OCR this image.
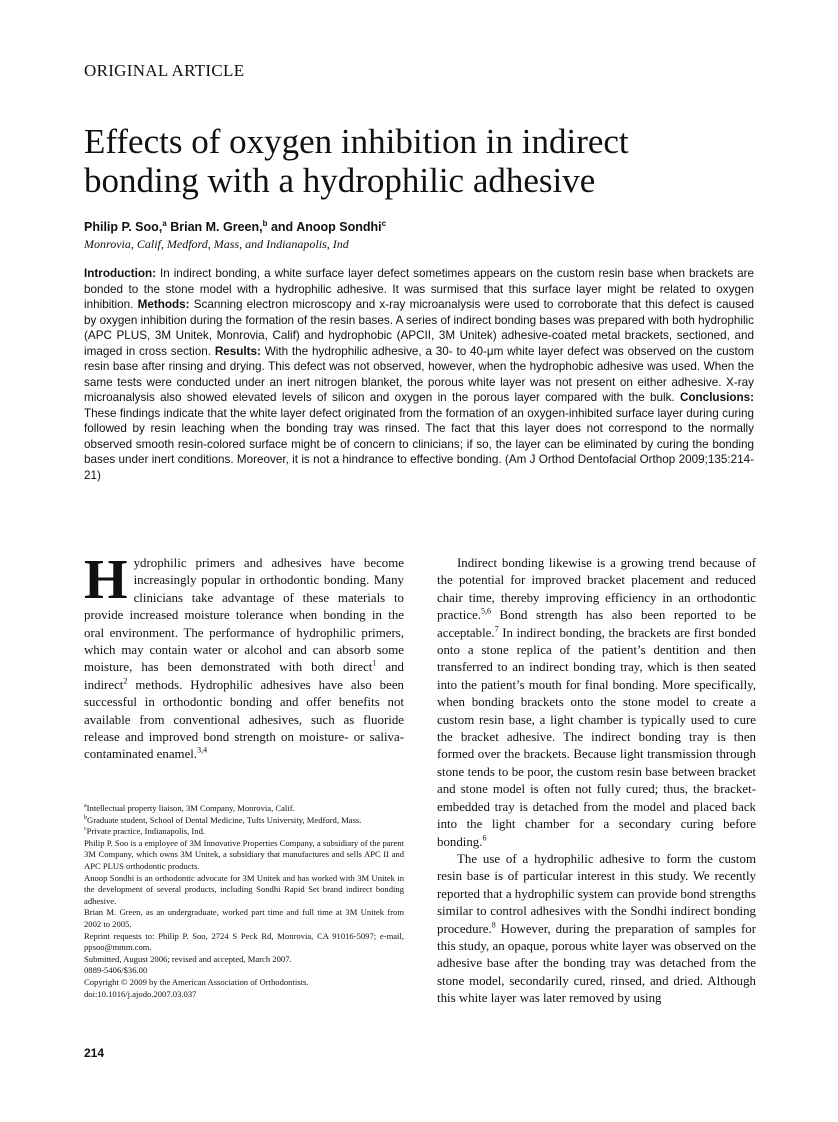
ORIGINAL ARTICLE
Effects of oxygen inhibition in indirect bonding with a hydrophilic adhesive
Philip P. Soo,$^a$ Brian M. Green,$^b$ and Anoop Sondhi$^c$
Monrovia, Calif, Medford, Mass, and Indianapolis, Ind

Introduction: In indirect bonding, a white surface layer defect sometimes appears on the custom resin base when brackets are bonded to the stone model with a hydrophilic adhesive. It was surmised that this surface layer might be related to oxygen inhibition. Methods: Scanning electron microscopy and x-ray microanalysis were used to corroborate that this defect is caused by oxygen inhibition during the formation of the resin bases. A series of indirect bonding bases was prepared with both hydrophilic (APC PLUS, 3M Unitek, Monrovia, Calif) and hydrophobic (APCII, 3M Unitek) adhesive-coated metal brackets, sectioned, and imaged in cross section. Results: With the hydrophilic adhesive, a 30- to 40-μm white layer defect was observed on the custom resin base after rinsing and drying. This defect was not observed, however, when the hydrophobic adhesive was used. When the same tests were conducted under an inert nitrogen blanket, the porous white layer was not present on either adhesive. X-ray microanalysis also showed elevated levels of silicon and oxygen in the porous layer compared with the bulk. Conclusions: These findings indicate that the white layer defect originated from the formation of an oxygen-inhibited surface layer during curing followed by resin leaching when the bonding tray was rinsed. The fact that this layer does not correspond to the normally observed smooth resin-colored surface might be of concern to clinicians; if so, the layer can be eliminated by curing the bonding bases under inert conditions. Moreover, it is not a hindrance to effective bonding. (Am J Orthod Dentofacial Orthop 2009;135:214-21)

Hydrophilic primers and adhesives have become increasingly popular in orthodontic bonding. Many clinicians take advantage of these materials to provide increased moisture tolerance when bonding in the oral environment. The performance of hydrophilic primers, which may contain water or alcohol and can absorb some moisture, has been demonstrated with both direct$^1$ and indirect$^2$ methods. Hydrophilic adhesives have also been successful in orthodontic bonding and offer benefits not available from conventional adhesives, such as fluoride release and improved bond strength on moisture- or saliva-contaminated enamel.$^{3,4}$

Indirect bonding likewise is a growing trend because of the potential for improved bracket placement and reduced chair time, thereby improving efficiency in an orthodontic practice.$^{5,6}$ Bond strength has also been reported to be acceptable.$^7$ In indirect bonding, the brackets are first bonded onto a stone replica of the patient’s dentition and then transferred to an indirect bonding tray, which is then seated into the patient’s mouth for final bonding. More specifically, when bonding brackets onto the stone model to create a custom resin base, a light chamber is typically used to cure the bracket adhesive. The indirect bonding tray is then formed over the brackets. Because light transmission through stone tends to be poor, the custom resin base between bracket and stone model is often not fully cured; thus, the bracket-embedded tray is detached from the model and placed back into the light chamber for a secondary curing before bonding.$^6$

The use of a hydrophilic adhesive to form the custom resin base is of particular interest in this study. We recently reported that a hydrophilic system can provide bond strengths similar to control adhesives with the Sondhi indirect bonding procedure.$^8$ However, during the preparation of samples for this study, an opaque, porous white layer was observed on the adhesive base after the bonding tray was detached from the stone model, secondarily cured, rinsed, and dried. Although this white layer was later removed by using

$^a$Intellectual property liaison, 3M Company, Monrovia, Calif.
$^b$Graduate student, School of Dental Medicine, Tufts University, Medford, Mass.
$^c$Private practice, Indianapolis, Ind.
Philip P. Soo is a employee of 3M Innovative Properties Company, a subsidiary of the parent 3M Company, which owns 3M Unitek, a subsidiary that manufactures and sells APC II and APC PLUS orthodontic products.
Anoop Sondhi is an orthodontic advocate for 3M Unitek and has worked with 3M Unitek in the development of several products, including Sondhi Rapid Set brand indirect bonding adhesive.
Brian M. Green, as an undergraduate, worked part time and full time at 3M Unitek from 2002 to 2005.
Reprint requests to: Philip P. Soo, 2724 S Peck Rd, Monrovia, CA 91016-5097; e-mail, ppsoo@mmm.com.
Submitted, August 2006; revised and accepted, March 2007.
0889-5406/$36.00
Copyright © 2009 by the American Association of Orthodontists.
doi:10.1016/j.ajodo.2007.03.037
214
